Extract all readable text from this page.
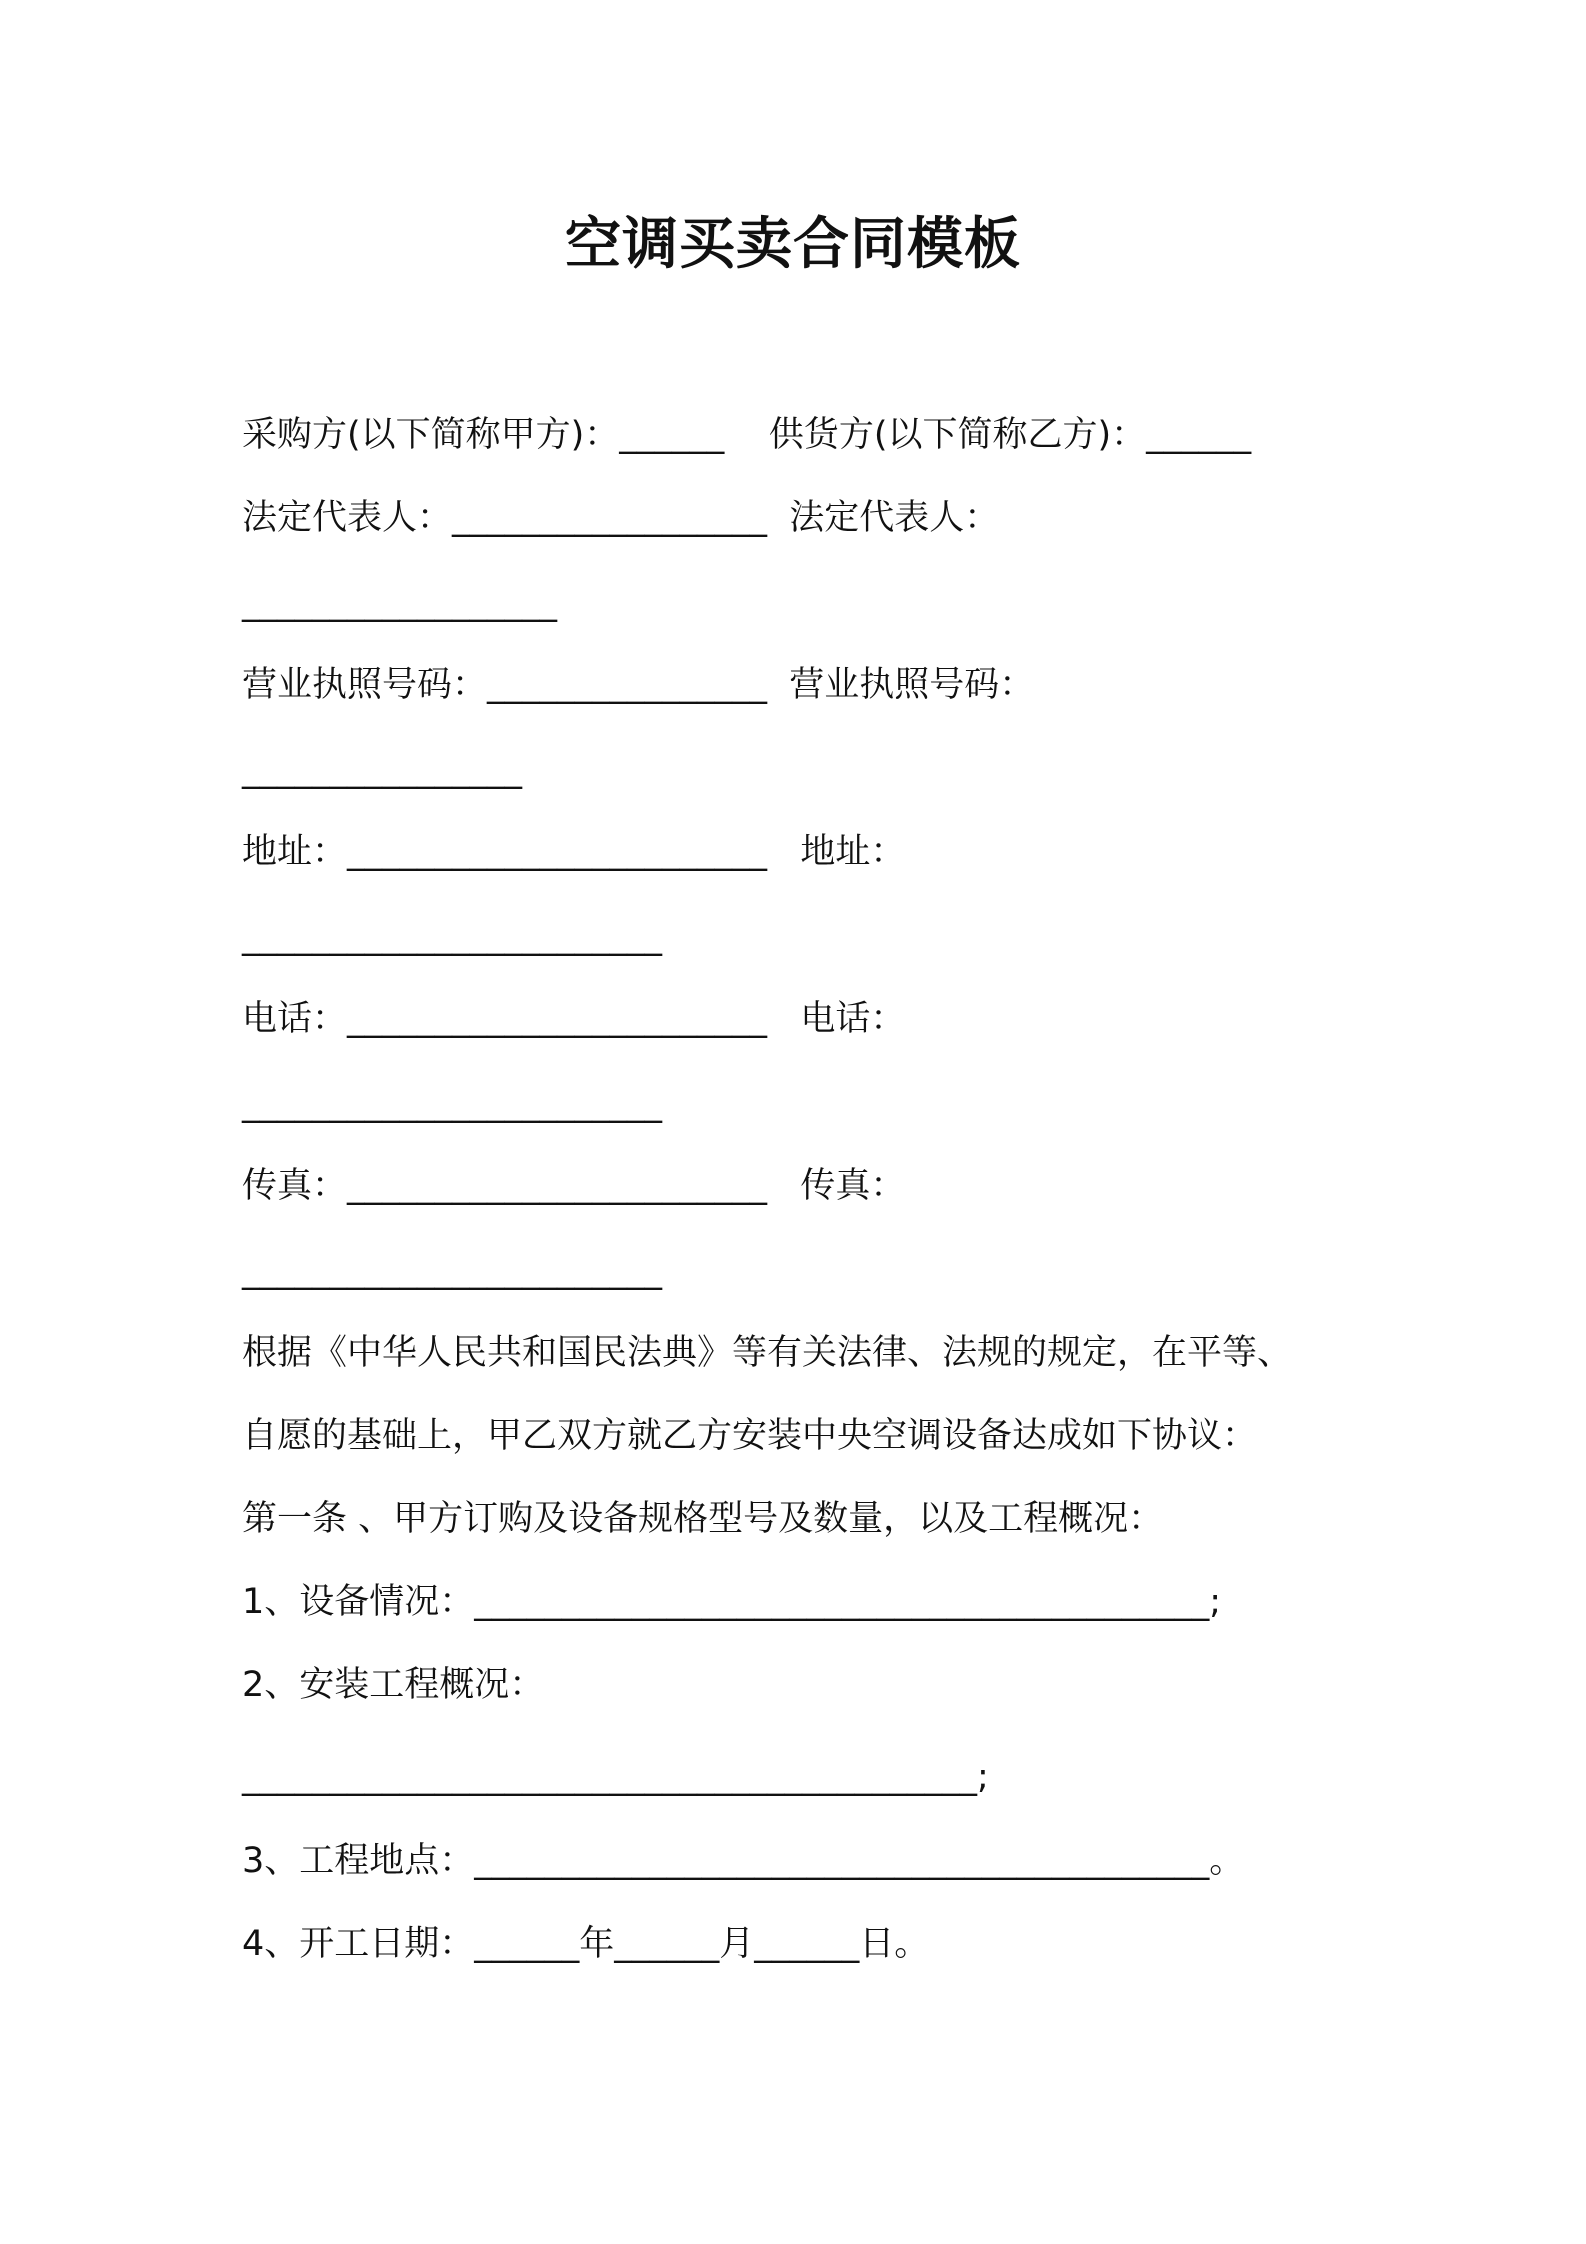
空调买卖合同模板
采购方(以下简称甲方)：______    供货方(以下简称乙方)：______
法定代表人：__________________  法定代表人：
__________________
营业执照号码：________________  营业执照号码：
________________
地址：________________________   地址：
________________________
电话：________________________   电话：
________________________
传真：________________________   传真：
________________________
根据《中华人民共和国民法典》等有关法律、法规的规定，在平等、
自愿的基础上，甲乙双方就乙方安装中央空调设备达成如下协议：
第一条 、甲方订购及设备规格型号及数量，以及工程概况：
1、设备情况：__________________________________________;
2、安装工程概况：
__________________________________________;
3、工程地点：__________________________________________。
4、开工日期：______年______月______日。
